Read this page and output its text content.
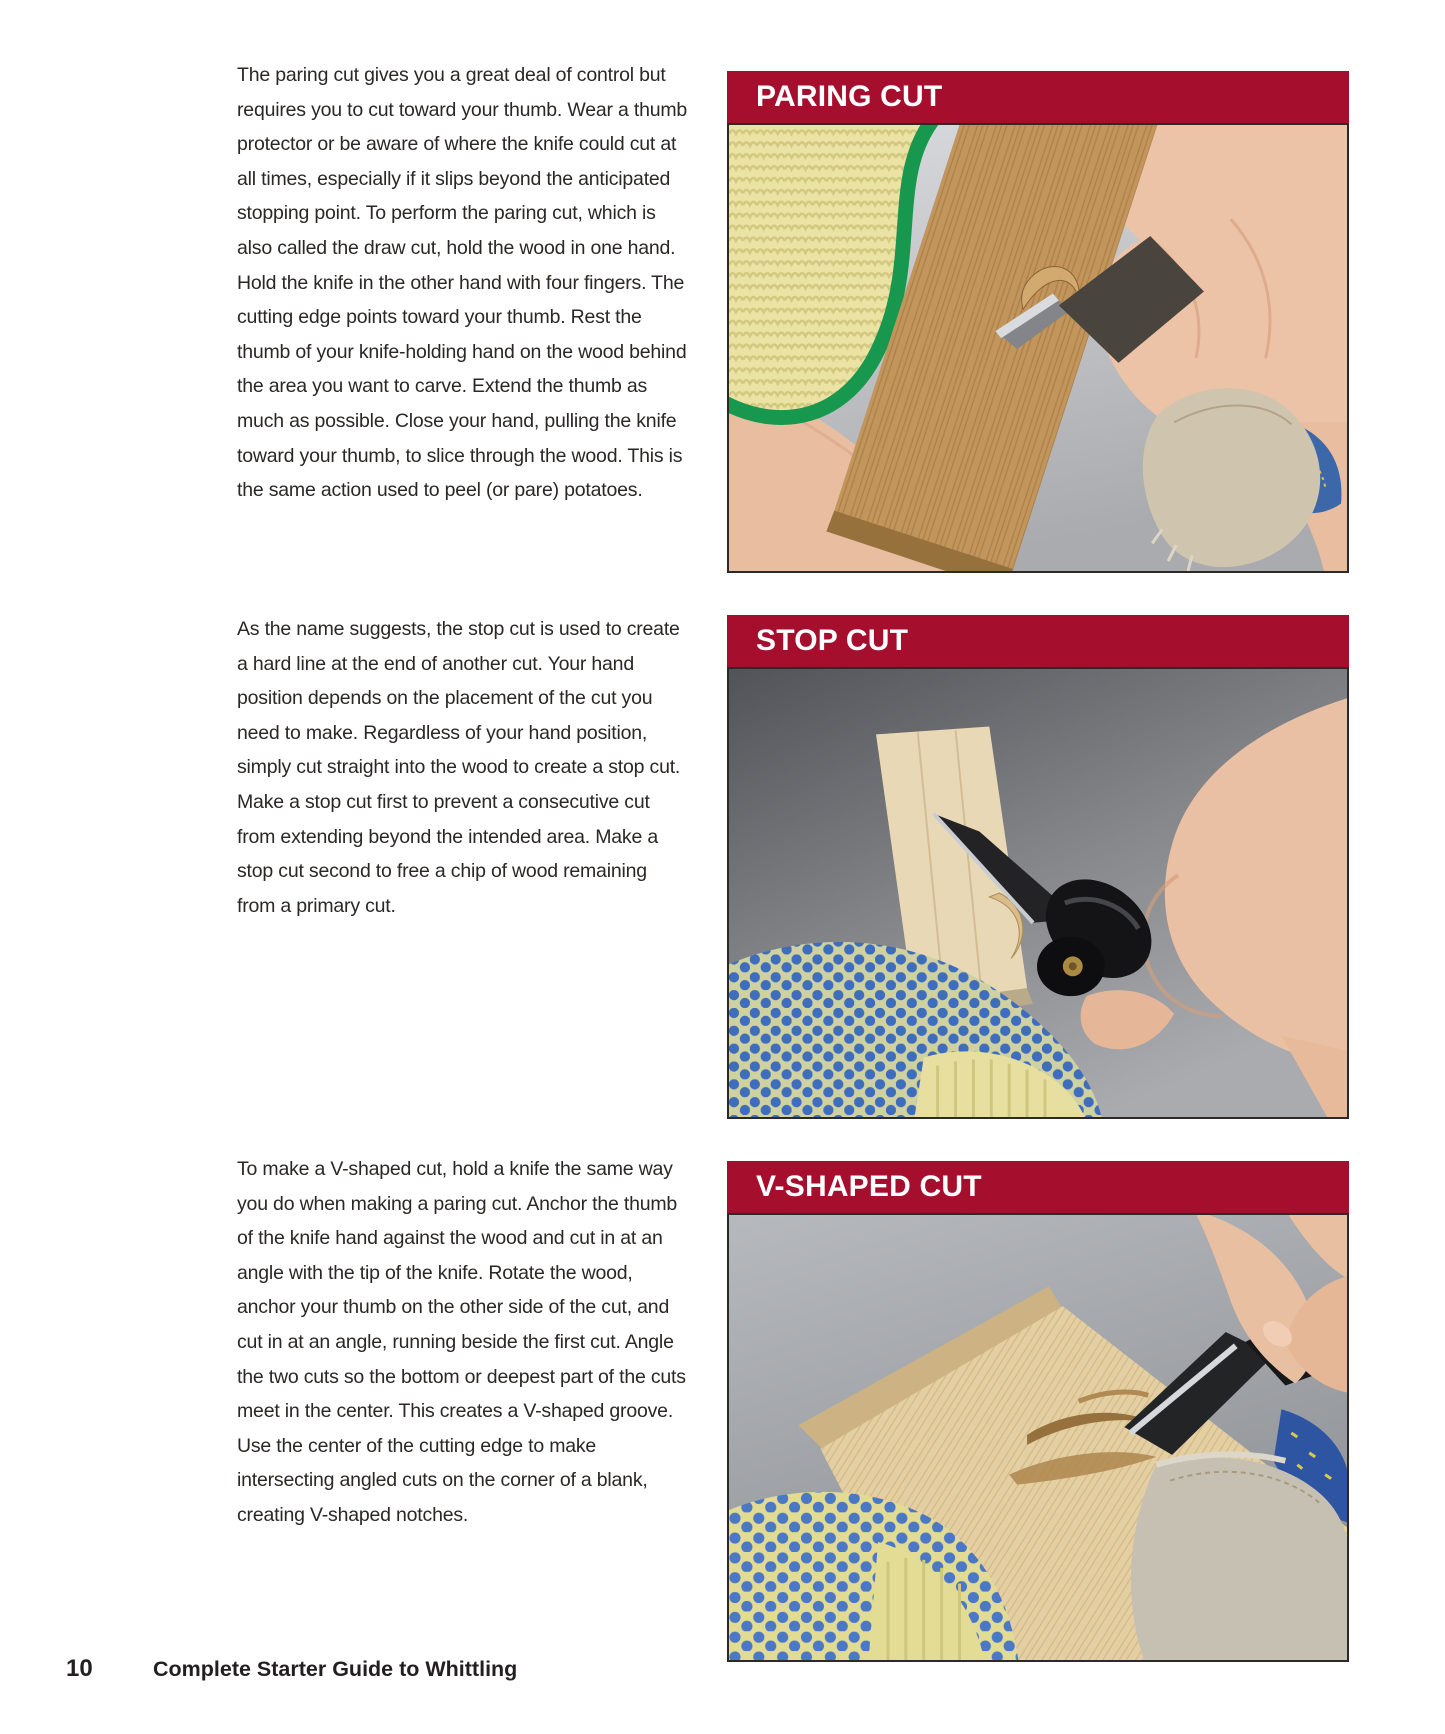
The paring cut gives you a great deal of control but requires you to cut toward your thumb. Wear a thumb protector or be aware of where the knife could cut at all times, especially if it slips beyond the anticipated stopping point. To perform the paring cut, which is also called the draw cut, hold the wood in one hand. Hold the knife in the other hand with four fingers. The cutting edge points toward your thumb. Rest the thumb of your knife-holding hand on the wood behind the area you want to carve. Extend the thumb as much as possible. Close your hand, pulling the knife toward your thumb, to slice through the wood. This is the same action used to peel (or pare) potatoes.

As the name suggests, the stop cut is used to create a hard line at the end of another cut. Your hand position depends on the placement of the cut you need to make. Regardless of your hand position, simply cut straight into the wood to create a stop cut. Make a stop cut first to prevent a consecutive cut from extending beyond the intended area. Make a stop cut second to free a chip of wood remaining from a primary cut.

To make a V-shaped cut, hold a knife the same way you do when making a paring cut. Anchor the thumb of the knife hand against the wood and cut in at an angle with the tip of the knife. Rotate the wood, anchor your thumb on the other side of the cut, and cut in at an angle, running beside the first cut. Angle the two cuts so the bottom or deepest part of the cuts meet in the center. This creates a V-shaped groove. Use the center of the cutting edge to make intersecting angled cuts on the corner of a blank, creating V-shaped notches.

PARING CUT
STOP CUT
V-SHAPED CUT
10	Complete Starter Guide to Whittling
